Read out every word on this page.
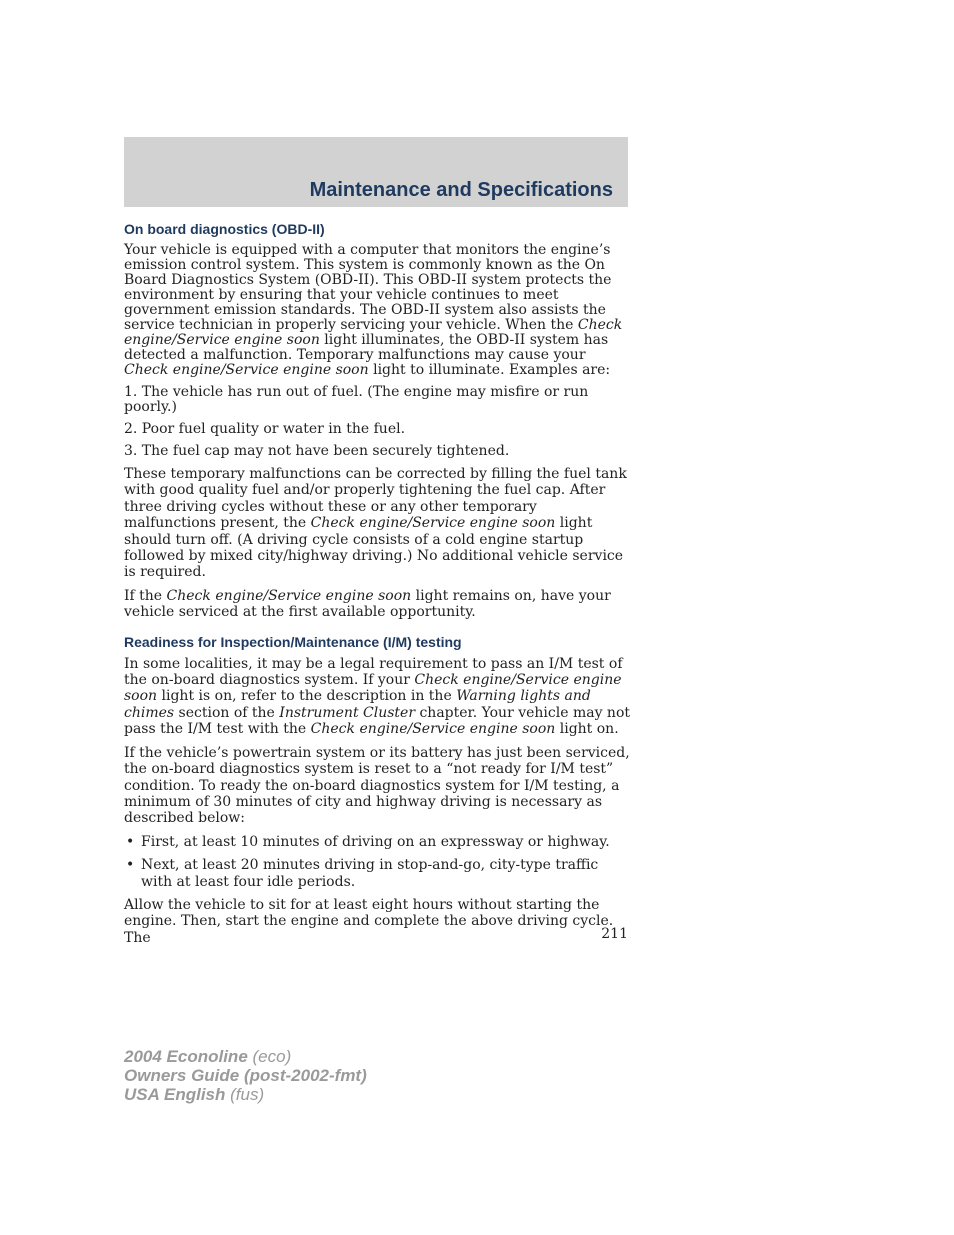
Maintenance and Specifications
On board diagnostics (OBD-II)

Your vehicle is equipped with a computer that monitors the engine’s emission control system. This system is commonly known as the On Board Diagnostics System (OBD-II). This OBD-II system protects the environment by ensuring that your vehicle continues to meet government emission standards. The OBD-II system also assists the service technician in properly servicing your vehicle. When the Check engine/Service engine soon light illuminates, the OBD-II system has detected a malfunction. Temporary malfunctions may cause your Check engine/Service engine soon light to illuminate. Examples are:

1. The vehicle has run out of fuel. (The engine may misfire or run poorly.)

2. Poor fuel quality or water in the fuel.

3. The fuel cap may not have been securely tightened.

These temporary malfunctions can be corrected by filling the fuel tank with good quality fuel and/or properly tightening the fuel cap. After three driving cycles without these or any other temporary malfunctions present, the Check engine/Service engine soon light should turn off. (A driving cycle consists of a cold engine startup followed by mixed city/highway driving.) No additional vehicle service is required.

If the Check engine/Service engine soon light remains on, have your vehicle serviced at the first available opportunity.

Readiness for Inspection/Maintenance (I/M) testing

In some localities, it may be a legal requirement to pass an I/M test of the on-board diagnostics system. If your Check engine/Service engine soon light is on, refer to the description in the Warning lights and chimes section of the Instrument Cluster chapter. Your vehicle may not pass the I/M test with the Check engine/Service engine soon light on.

If the vehicle’s powertrain system or its battery has just been serviced, the on-board diagnostics system is reset to a “not ready for I/M test” condition. To ready the on-board diagnostics system for I/M testing, a minimum of 30 minutes of city and highway driving is necessary as described below:

• First, at least 10 minutes of driving on an expressway or highway.
• Next, at least 20 minutes driving in stop-and-go, city-type traffic with at least four idle periods.

Allow the vehicle to sit for at least eight hours without starting the engine. Then, start the engine and complete the above driving cycle. The	211
2004 Econoline (eco)
Owners Guide (post-2002-fmt)
USA English (fus)
